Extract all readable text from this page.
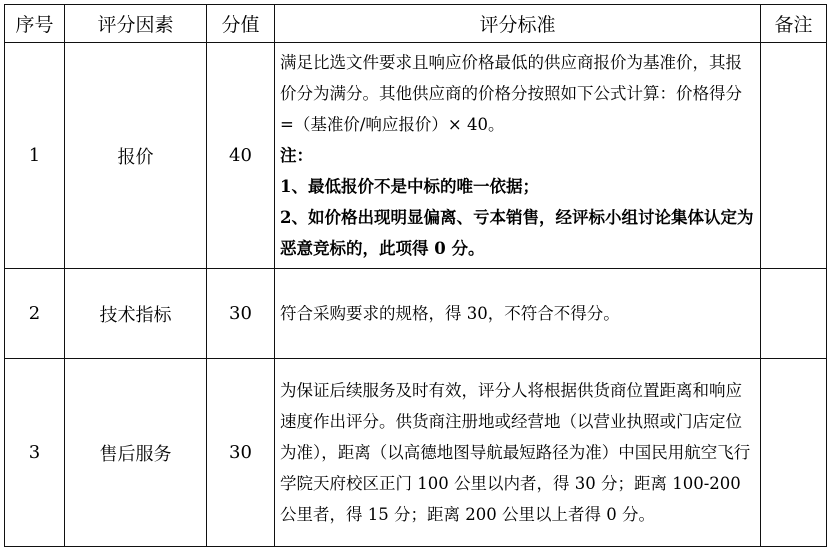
序号	评分因素	分值	评分标准	备注
1	报价	40	满足比选文件要求且响应价格最低的供应商报价为基准价，其报价分为满分。其他供应商的价格分按照如下公式计算：价格得分=（基准价/响应报价）× 40。

注：

1、最低报价不是中标的唯一依据；

2、如价格出现明显偏离、亏本销售，经评标小组讨论集体认定为恶意竞标的，此项得 0 分。	

2	技术指标	30	符合采购要求的规格，得 30，不符合不得分。	

3	售后服务	30	为保证后续服务及时有效，评分人将根据供货商位置距离和响应速度作出评分。供货商注册地或经营地（以营业执照或门店定位为准），距离（以高德地图导航最短路径为准）中国民用航空飞行学院天府校区正门 100 公里以内者，得 30 分；距离 100-200 公里者，得 15 分；距离 200 公里以上者得 0 分。	
